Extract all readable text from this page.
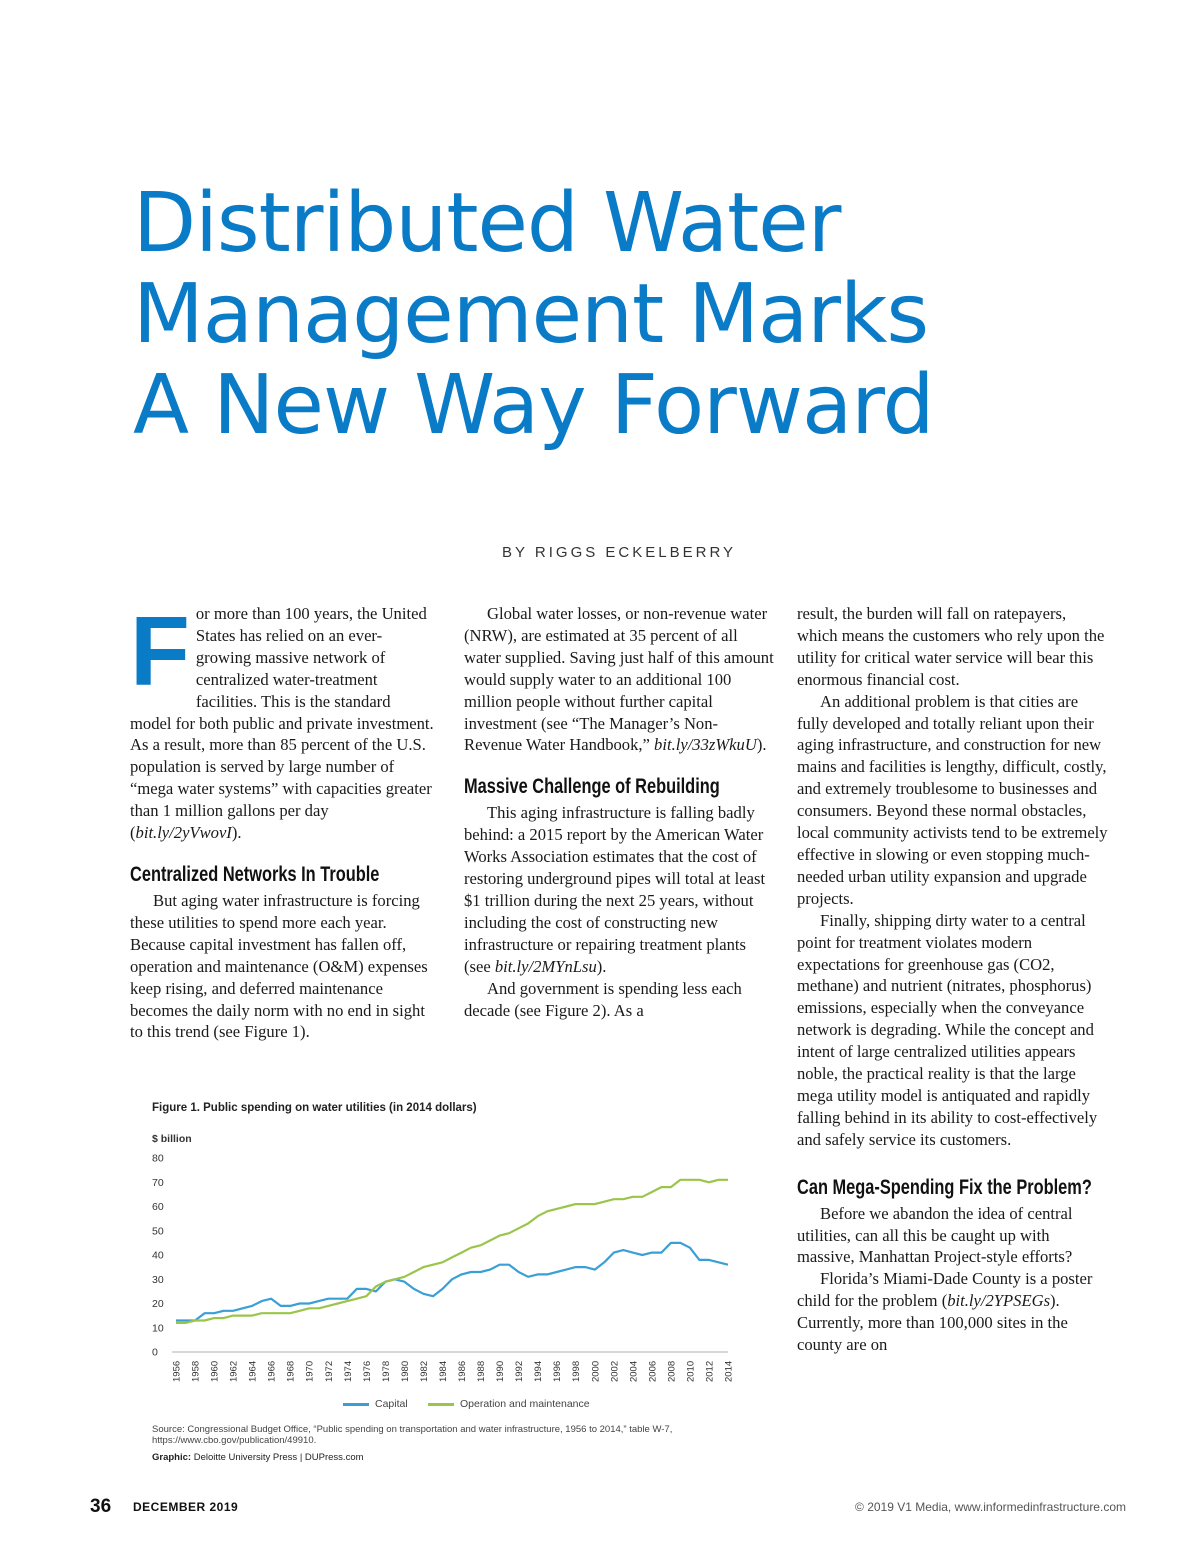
Distributed Water
Management Marks
A New Way Forward
BY RIGGS ECKELBERRY

For more than 100 years, the United States has relied on an ever-growing massive network of centralized water-treatment facilities. This is the standard model for both public and private investment. As a result, more than 85 percent of the U.S. population is served by large number of “mega water systems” with capacities greater than 1 million gallons per day (bit.ly/2yVwovI).

Centralized Networks In Trouble

But aging water infrastructure is forcing these utilities to spend more each year. Because capital investment has fallen off, operation and maintenance (O&M) expenses keep rising, and deferred maintenance becomes the daily norm with no end in sight to this trend (see Figure 1).

Global water losses, or non-revenue water (NRW), are estimated at 35 percent of all water supplied. Saving just half of this amount would supply water to an additional 100 million people without further capital investment (see “The Manager’s Non-Revenue Water Handbook,” bit.ly/33zWkuU).

Massive Challenge of Rebuilding

This aging infrastructure is falling badly behind: a 2015 report by the American Water Works Association estimates that the cost of restoring underground pipes will total at least $1 trillion during the next 25 years, without including the cost of constructing new infrastructure or repairing treatment plants (see bit.ly/2MYnLsu).

And government is spending less each decade (see Figure 2). As a

result, the burden will fall on ratepayers, which means the customers who rely upon the utility for critical water service will bear this enormous financial cost.

An additional problem is that cities are fully developed and totally reliant upon their aging infrastructure, and construction for new mains and facilities is lengthy, difficult, costly, and extremely troublesome to businesses and consumers. Beyond these normal obstacles, local community activists tend to be extremely effective in slowing or even stopping much-needed urban utility expansion and upgrade projects.

Finally, shipping dirty water to a central point for treatment violates modern expectations for greenhouse gas (CO2, methane) and nutrient (nitrates, phosphorus) emissions, especially when the conveyance network is degrading. While the concept and intent of large centralized utilities appears noble, the practical reality is that the large mega utility model is antiquated and rapidly falling behind in its ability to cost-effectively and safely service its customers.

Can Mega-Spending Fix the Problem?

Before we abandon the idea of central utilities, can all this be caught up with massive, Manhattan Project-style efforts?

Florida’s Miami-Dade County is a poster child for the problem (bit.ly/2YPSEGs). Currently, more than 100,000 sites in the county are on

Figure 1. Public spending on water utilities (in 2014 dollars)
$ billion
0
10
20
30
40
50
60
70
80
1956 1958 1960 1962 1964 1966 1968 1970 1972 1974 1976 1978 1980 1982 1984 1986 1988 1990 1992 1994 1996 1998 2000 2002 2004 2006 2008 2010 2012 2014
Capital	Operation and maintenance
Source: Congressional Budget Office, “Public spending on transportation and water infrastructure, 1956 to 2014,” table W-7, https://www.cbo.gov/publication/49910.
Graphic: Deloitte University Press | DUPress.com
36 DECEMBER 2019	© 2019 V1 Media, www.informedinfrastructure.com
